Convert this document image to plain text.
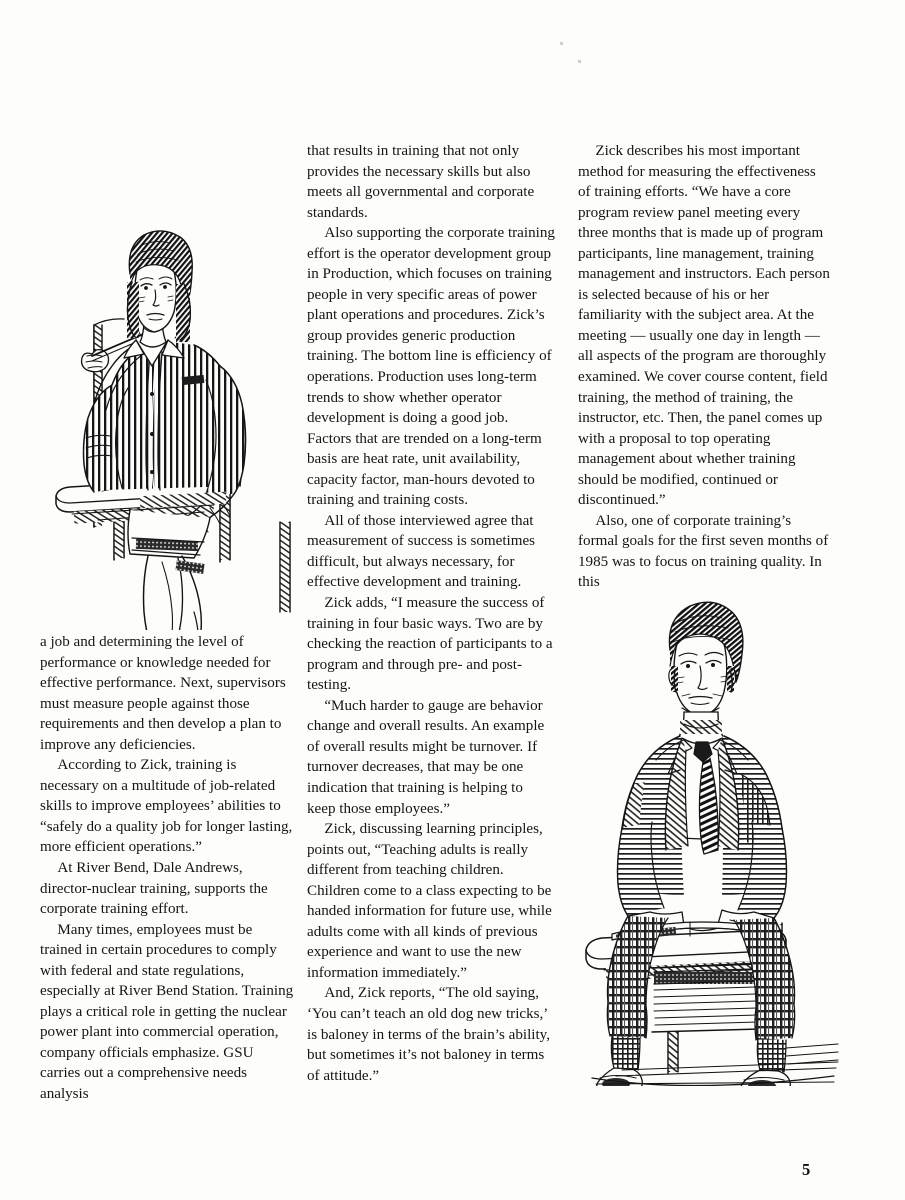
a job and determining the level of performance or knowledge needed for effective performance. Next, supervisors must measure people against those requirements and then develop a plan to improve any deficiencies.

According to Zick, training is necessary on a multitude of job-related skills to improve employees’ abilities to “safely do a quality job for longer lasting, more efficient operations.”

At River Bend, Dale Andrews, director-nuclear training, supports the corporate training effort.

Many times, employees must be trained in certain procedures to comply with federal and state regulations, especially at River Bend Station. Training plays a critical role in getting the nuclear power plant into commercial operation, company officials emphasize. GSU carries out a comprehensive needs analysis

that results in training that not only provides the necessary skills but also meets all governmental and corporate standards.

Also supporting the corporate training effort is the operator development group in Production, which focuses on training people in very specific areas of power plant operations and procedures. Zick’s group provides generic production training. The bottom line is efficiency of operations. Production uses long-term trends to show whether operator development is doing a good job. Factors that are trended on a long-term basis are heat rate, unit availability, capacity factor, man-hours devoted to training and training costs.

All of those interviewed agree that measurement of success is sometimes difficult, but always necessary, for effective development and training.

Zick adds, “I measure the success of training in four basic ways. Two are by checking the reaction of participants to a program and through pre- and post-testing.

“Much harder to gauge are behavior change and overall results. An example of overall results might be turnover. If turnover decreases, that may be one indication that training is helping to keep those employees.”

Zick, discussing learning principles, points out, “Teaching adults is really different from teaching children. Children come to a class expecting to be handed information for future use, while adults come with all kinds of previous experience and want to use the new information immediately.”

And, Zick reports, “The old saying, ‘You can’t teach an old dog new tricks,’ is baloney in terms of the brain’s ability, but sometimes it’s not baloney in terms of attitude.”

Zick describes his most important method for measuring the effectiveness of training efforts. “We have a core program review panel meeting every three months that is made up of program participants, line management, training management and instructors. Each person is selected because of his or her familiarity with the subject area. At the meeting — usually one day in length — all aspects of the program are thoroughly examined. We cover course content, field training, the method of training, the instructor, etc. Then, the panel comes up with a proposal to top operating management about whether training should be modified, continued or discontinued.”

Also, one of corporate training’s formal goals for the first seven months of 1985 was to focus on training quality. In this

5
